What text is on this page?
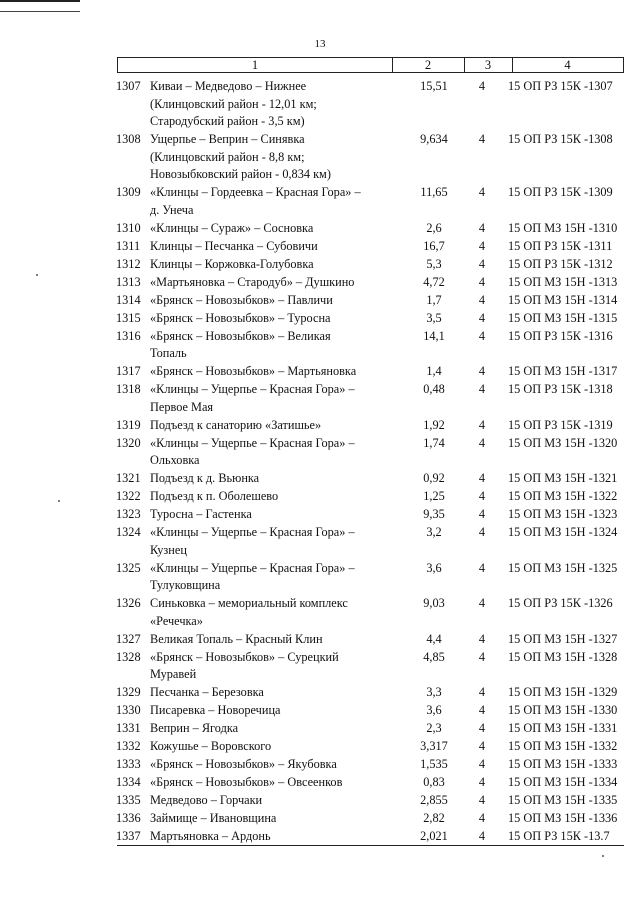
13
1	2	3	4
1307 Киваи – Медведово – Нижнее
(Клинцовский район - 12,01 км;
Стародубский район - 3,5 км)
15,51	4	15 ОП РЗ 15К -1307
1308 Ущерпье – Веприн – Синявка
(Клинцовский район - 8,8 км;
Новозыбковский район - 0,834 км)
9,634	4	15 ОП РЗ 15К -1308
1309 «Клинцы – Гордеевка – Красная Гора» –
д. Унеча
11,65	4	15 ОП РЗ 15К -1309
1310 «Клинцы – Сураж» – Сосновка	2,6	4	15 ОП МЗ 15Н -1310
1311 Клинцы – Песчанка – Субовичи	16,7	4	15 ОП РЗ 15К -1311
1312 Клинцы – Коржовка-Голубовка	5,3	4	15 ОП РЗ 15К -1312
1313 «Мартьяновка – Стародуб» – Душкино	4,72	4	15 ОП МЗ 15Н -1313
1314 «Брянск – Новозыбков» – Павличи	1,7	4	15 ОП МЗ 15Н -1314
1315 «Брянск – Новозыбков» – Туросна	3,5	4	15 ОП МЗ 15Н -1315
1316 «Брянск – Новозыбков» – Великая
Топаль
14,1	4	15 ОП РЗ 15К -1316
1317 «Брянск – Новозыбков» – Мартьяновка	1,4	4	15 ОП МЗ 15Н -1317
1318 «Клинцы – Ущерпье – Красная Гора» –
Первое Мая
0,48	4	15 ОП РЗ 15К -1318
1319 Подъезд к санаторию «Затишье»	1,92	4	15 ОП РЗ 15К -1319
1320 «Клинцы – Ущерпье – Красная Гора» –
Ольховка
1,74	4	15 ОП МЗ 15Н -1320
1321 Подъезд к д. Вьюнка	0,92	4	15 ОП МЗ 15Н -1321
1322 Подъезд к п. Оболешево	1,25	4	15 ОП МЗ 15Н -1322
1323 Туросна – Гастенка	9,35	4	15 ОП МЗ 15Н -1323
1324 «Клинцы – Ущерпье – Красная Гора» –
Кузнец
3,2	4	15 ОП МЗ 15Н -1324
1325 «Клинцы – Ущерпье – Красная Гора» –
Тулуковщина
3,6	4	15 ОП МЗ 15Н -1325
1326 Синьковка – мемориальный комплекс
«Речечка»
9,03	4	15 ОП РЗ 15К -1326
1327 Великая Топаль – Красный Клин	4,4	4	15 ОП МЗ 15Н -1327
1328 «Брянск – Новозыбков» – Сурецкий
Муравей
4,85	4	15 ОП МЗ 15Н -1328
1329 Песчанка – Березовка	3,3	4	15 ОП МЗ 15Н -1329
1330 Писаревка – Новоречица	3,6	4	15 ОП МЗ 15Н -1330
1331 Веприн – Ягодка	2,3	4	15 ОП МЗ 15Н -1331
1332 Кожушье – Воровского	3,317	4	15 ОП МЗ 15Н -1332
1333 «Брянск – Новозыбков» – Якубовка	1,535	4	15 ОП МЗ 15Н -1333
1334 «Брянск – Новозыбков» – Овсеенков	0,83	4	15 ОП МЗ 15Н -1334
1335 Медведово – Горчаки	2,855	4	15 ОП МЗ 15Н -1335
1336 Займище – Ивановщина	2,82	4	15 ОП МЗ 15Н -1336
1337 Мартьяновка – Ардонь	2,021	4	15 ОП РЗ 15К -13.7
